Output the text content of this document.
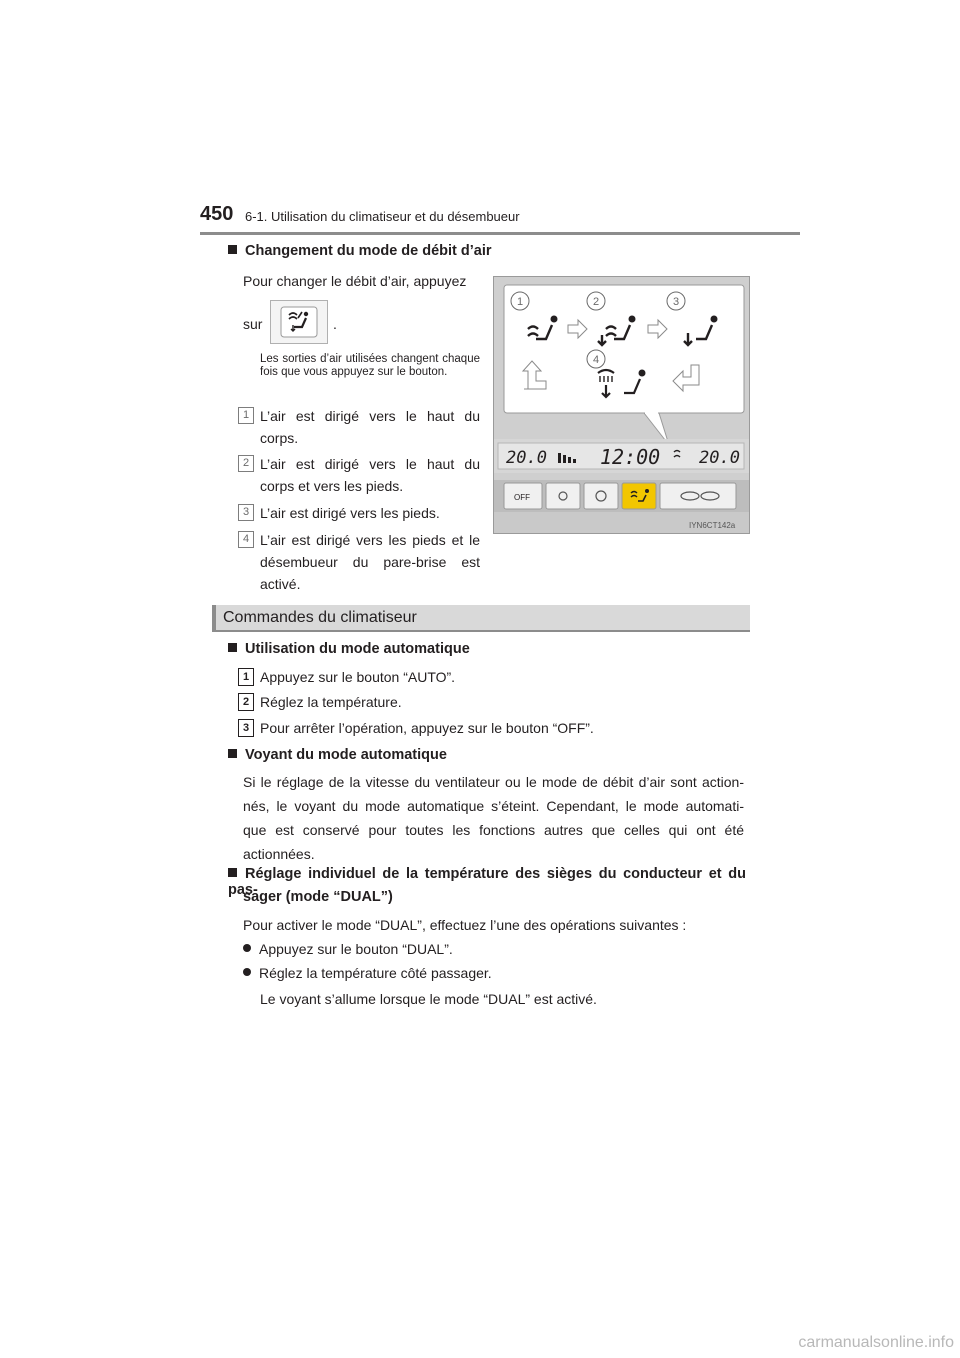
450 6-1. Utilisation du climatiseur et du désembueur
Changement du mode de débit d’air
Pour changer le débit d’air, appuyez
sur	.
Les sorties d’air utilisées changent chaque fois que vous appuyez sur le bouton.
1 L’air est dirigé vers le haut du
corps.
2 L’air est dirigé vers le haut du
corps et vers les pieds.
3 L’air est dirigé vers les pieds.
4 L’air est dirigé vers les pieds et le
désembueur du pare-brise est
activé.
1	2	3
4
20.0	12:00 20.0
OFF
IYN6CT142a
Commandes du climatiseur
Utilisation du mode automatique
1 Appuyez sur le bouton “AUTO”.
2 Réglez la température.
3 Pour arrêter l’opération, appuyez sur le bouton “OFF”.
Voyant du mode automatique
Si le réglage de la vitesse du ventilateur ou le mode de débit d’air sont action-
nés, le voyant du mode automatique s’éteint. Cependant, le mode automati-
que est conservé pour toutes les fonctions autres que celles qui ont été
actionnées.
Réglage individuel de la température des sièges du conducteur et du pas-
sager (mode “DUAL”)
Pour activer le mode “DUAL”, effectuez l’une des opérations suivantes :
Appuyez sur le bouton “DUAL”.
Réglez la température côté passager.
Le voyant s’allume lorsque le mode “DUAL” est activé.
carmanualsonline.info
